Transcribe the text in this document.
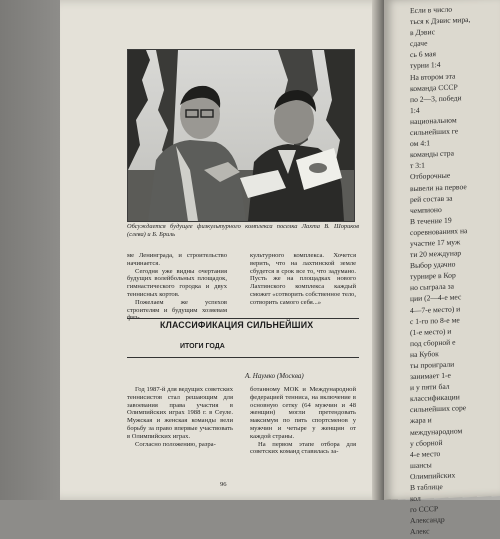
Если в число
ться к Дэвис мира,
в Дэвис
сдаче
сь 6 мая
турни 1:4
На втором эта
команда СССР
по 2—3, победи
1:4
национальном
сильнейших ге
ом 4:1
команды стра
т 3:1
Отборочные
вывели на первое
рей состав за
чемпионо
В течение 19
соревнованиях на
участие 17 муж
ти 20 междунар
Выбор удачно
турнире в Кор
но сыграла за
ции (2—4-е мес
4—7-е место) и
с 1-го по 8-е ме
(1-е место) и
под сборной е
на Кубок
ты проиграли
занимает 1-е
и у пяти бал
классификации
сильнейших соре
жара и
международном
у сборной
4-е место
шансы
Олимпийских
В таблице
кол
го СССР
Александр
Алекс
Обсуждается будущее физкультурного комплекса поселка Лахта В. Шориков (слева) и Б. Бриль

ме Ленинграда, и строительство начинается.

Сегодня уже видны очертания будущих волейбольных площадок, гимнастического городка и двух теннисных кортов.

Пожелаем же успехов строителям и будущим хозяевам

культурного комплекса. Хочется верить, что на лахтинской земле сбудется в срок все то, что задумано. Пусть же на площадках нового Лахтинского комплекса каждый сможет «сотворить собственное тело, сотворить самого себя...»

КЛАССИФИКАЦИЯ СИЛЬНЕЙШИХ
ИТОГИ ГОДА
А. Наумко (Москва)

Год 1987-й для ведущих советских теннисистов стал решающим для завоевания права участия в Олимпийских играх 1988 г. в Сеуле. Мужская и женская команды вели борьбу за право впервые участвовать в Олимпийских играх.

Согласно положению, разра-

ботанному МОК и Международной федерацией тенниса, на включение в основную сетку (64 мужчин и 48 женщин) могли претендовать максимум по пять спортсменов у мужчин и четыре у женщин от каждой страны.

На первом этапе отбора для советских команд ставилась за-

96
